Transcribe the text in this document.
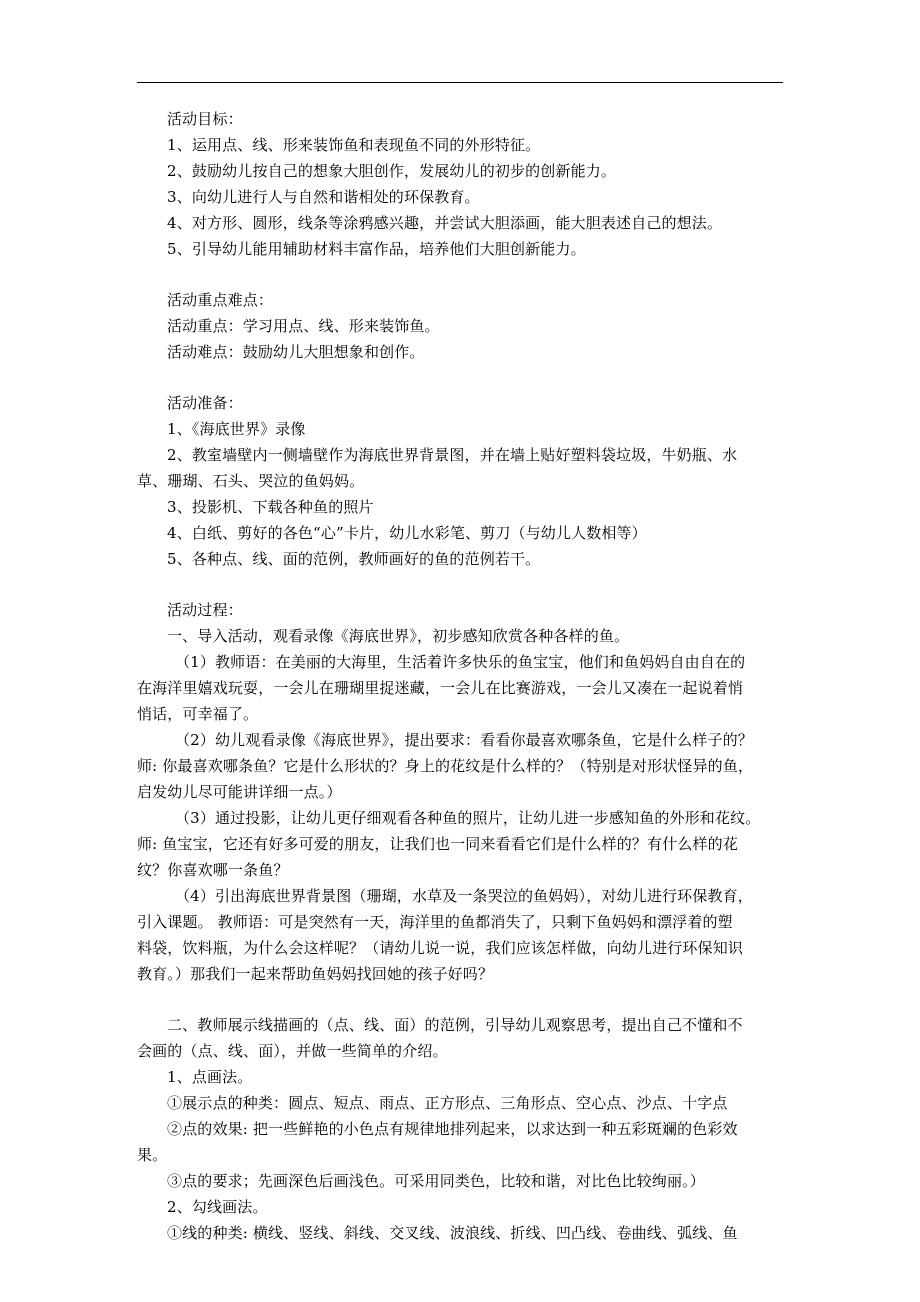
活动目标：
1、运用点、线、形来装饰鱼和表现鱼不同的外形特征。
2、鼓励幼儿按自己的想象大胆创作，发展幼儿的初步的创新能力。
3、向幼儿进行人与自然和谐相处的环保教育。
4、对方形、圆形，线条等涂鸦感兴趣，并尝试大胆添画，能大胆表述自己的想法。
5、引导幼儿能用辅助材料丰富作品，培养他们大胆创新能力。
活动重点难点：
活动重点：学习用点、线、形来装饰鱼。
活动难点：鼓励幼儿大胆想象和创作。
活动准备：
1、《海底世界》录像
2、教室墙壁内一侧墙壁作为海底世界背景图，并在墙上贴好塑料袋垃圾，牛奶瓶、水
草、珊瑚、石头、哭泣的鱼妈妈。
3、投影机、下载各种鱼的照片
4、白纸、剪好的各色“心”卡片，幼儿水彩笔、剪刀（与幼儿人数相等）
5、各种点、线、面的范例，教师画好的鱼的范例若干。
活动过程：
一、导入活动，观看录像《海底世界》，初步感知欣赏各种各样的鱼。
（1）教师语：在美丽的大海里，生活着许多快乐的鱼宝宝，他们和鱼妈妈自由自在的
在海洋里嬉戏玩耍，一会儿在珊瑚里捉迷藏，一会儿在比赛游戏，一会儿又凑在一起说着悄
悄话，可幸福了。
（2）幼儿观看录像《海底世界》，提出要求：看看你最喜欢哪条鱼，它是什么样子的？
师: 你最喜欢哪条鱼？它是什么形状的？身上的花纹是什么样的？（特别是对形状怪异的鱼，
启发幼儿尽可能讲详细一点。）
（3）通过投影，让幼儿更仔细观看各种鱼的照片，让幼儿进一步感知鱼的外形和花纹。
师: 鱼宝宝，它还有好多可爱的朋友，让我们也一同来看看它们是什么样的？有什么样的花
纹？你喜欢哪一条鱼？
（4）引出海底世界背景图（珊瑚，水草及一条哭泣的鱼妈妈），对幼儿进行环保教育，
引入课题。 教师语：可是突然有一天，海洋里的鱼都消失了，只剩下鱼妈妈和漂浮着的塑
料袋，饮料瓶，为什么会这样呢？（请幼儿说一说，我们应该怎样做，向幼儿进行环保知识
教育。）那我们一起来帮助鱼妈妈找回她的孩子好吗？
二、教师展示线描画的（点、线、面）的范例，引导幼儿观察思考，提出自己不懂和不
会画的（点、线、面），并做一些简单的介绍。
1、点画法。
①展示点的种类：圆点、短点、雨点、正方形点、三角形点、空心点、沙点、十字点
②点的效果: 把一些鲜艳的小色点有规律地排列起来，以求达到一种五彩斑斓的色彩效
果。
③点的要求；先画深色后画浅色。可采用同类色，比较和谐，对比色比较绚丽。）
2、勾线画法。
①线的种类: 横线、竖线、斜线、交叉线、波浪线、折线、凹凸线、卷曲线、弧线、鱼
